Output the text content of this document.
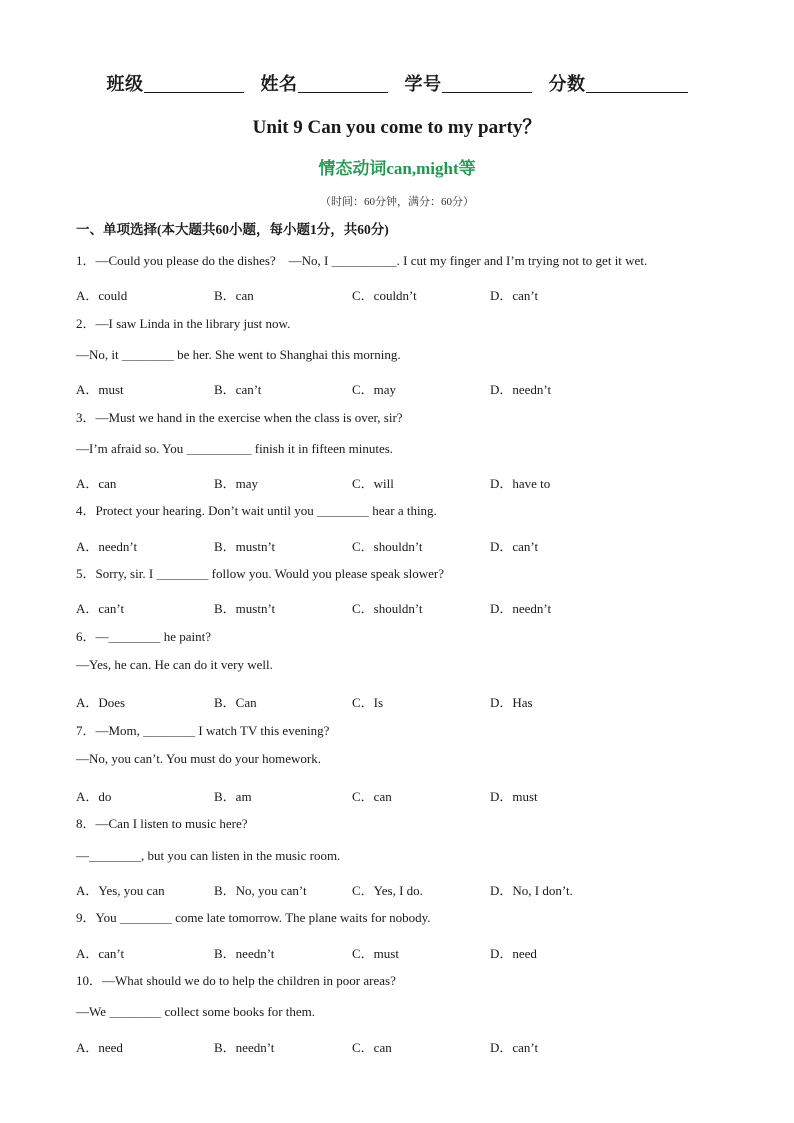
班级	姓名	学号	分数
Unit 9 Can you come to my party？
情态动词can,might等
（时间：60分钟，满分：60分）
一、单项选择(本大题共60小题，每小题1分，共60分)
1．—Could you please do the dishes?　—No, I ＿＿＿＿＿. I cut my finger and I’m trying not to get it wet.
A．could	B．can	C．couldn’t	D．can’t
2．—I saw Linda in the library just now.
—No, it ＿＿＿＿ be her. She went to Shanghai this morning.
A．must	B．can’t	C．may	D．needn’t
3．—Must we hand in the exercise when the class is over, sir?
—I’m afraid so. You ＿＿＿＿＿ finish it in fifteen minutes.
A．can	B．may	C．will	D．have to
4．Protect your hearing. Don’t wait until you ＿＿＿＿ hear a thing.
A．needn’t	B．mustn’t	C．shouldn’t	D．can’t
5．Sorry, sir. I ＿＿＿＿ follow you. Would you please speak slower?
A．can’t	B．mustn’t	C．shouldn’t	D．needn’t
6．—＿＿＿＿ he paint?
—Yes, he can. He can do it very well.
A．Does	B．Can	C．Is	D．Has
7．—Mom, ＿＿＿＿ I watch TV this evening?
—No, you can’t. You must do your homework.
A．do	B．am	C．can	D．must
8．—Can I listen to music here?
—＿＿＿＿, but you can listen in the music room.
A．Yes, you can	B．No, you can’t	C．Yes, I do.	D．No, I don’t.
9．You ＿＿＿＿ come late tomorrow. The plane waits for nobody.
A．can’t	B．needn’t	C．must	D．need
10．—What should we do to help the children in poor areas?
—We ＿＿＿＿ collect some books for them.
A．need	B．needn’t	C．can	D．can’t
